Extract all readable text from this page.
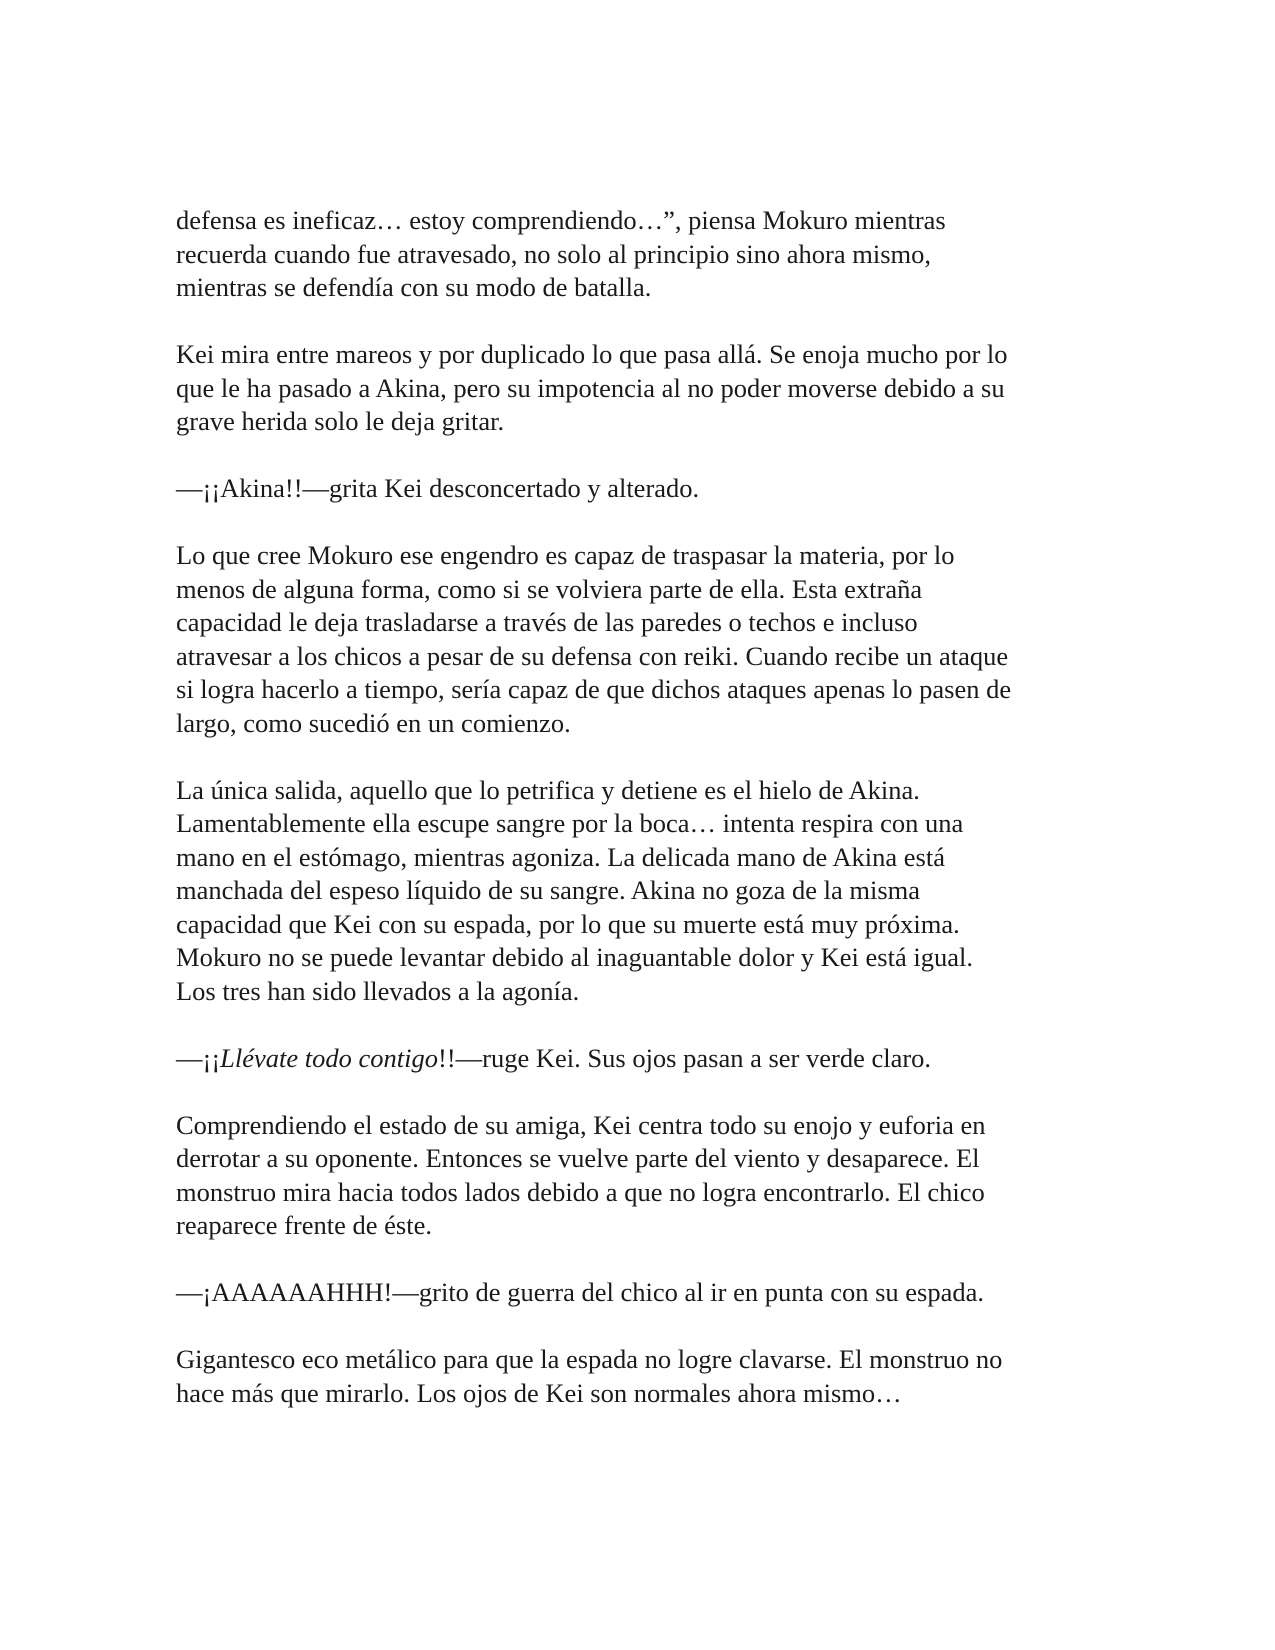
defensa es ineficaz… estoy comprendiendo…”, piensa Mokuro mientras
recuerda cuando fue atravesado, no solo al principio sino ahora mismo,
mientras se defendía con su modo de batalla.

Kei mira entre mareos y por duplicado lo que pasa allá. Se enoja mucho por lo
que le ha pasado a Akina, pero su impotencia al no poder moverse debido a su
grave herida solo le deja gritar.

—¡¡Akina!!—grita Kei desconcertado y alterado.

Lo que cree Mokuro ese engendro es capaz de traspasar la materia, por lo
menos de alguna forma, como si se volviera parte de ella. Esta extraña
capacidad le deja trasladarse a través de las paredes o techos e incluso
atravesar a los chicos a pesar de su defensa con reiki. Cuando recibe un ataque
si logra hacerlo a tiempo, sería capaz de que dichos ataques apenas lo pasen de
largo, como sucedió en un comienzo.

La única salida, aquello que lo petrifica y detiene es el hielo de Akina.
Lamentablemente ella escupe sangre por la boca… intenta respira con una
mano en el estómago, mientras agoniza. La delicada mano de Akina está
manchada del espeso líquido de su sangre. Akina no goza de la misma
capacidad que Kei con su espada, por lo que su muerte está muy próxima.
Mokuro no se puede levantar debido al inaguantable dolor y Kei está igual.
Los tres han sido llevados a la agonía.

—¡¡Llévate todo contigo!!—ruge Kei. Sus ojos pasan a ser verde claro.

Comprendiendo el estado de su amiga, Kei centra todo su enojo y euforia en
derrotar a su oponente. Entonces se vuelve parte del viento y desaparece. El
monstruo mira hacia todos lados debido a que no logra encontrarlo. El chico
reaparece frente de éste.

—¡AAAAAAHHH!—grito de guerra del chico al ir en punta con su espada.

Gigantesco eco metálico para que la espada no logre clavarse. El monstruo no
hace más que mirarlo. Los ojos de Kei son normales ahora mismo…
